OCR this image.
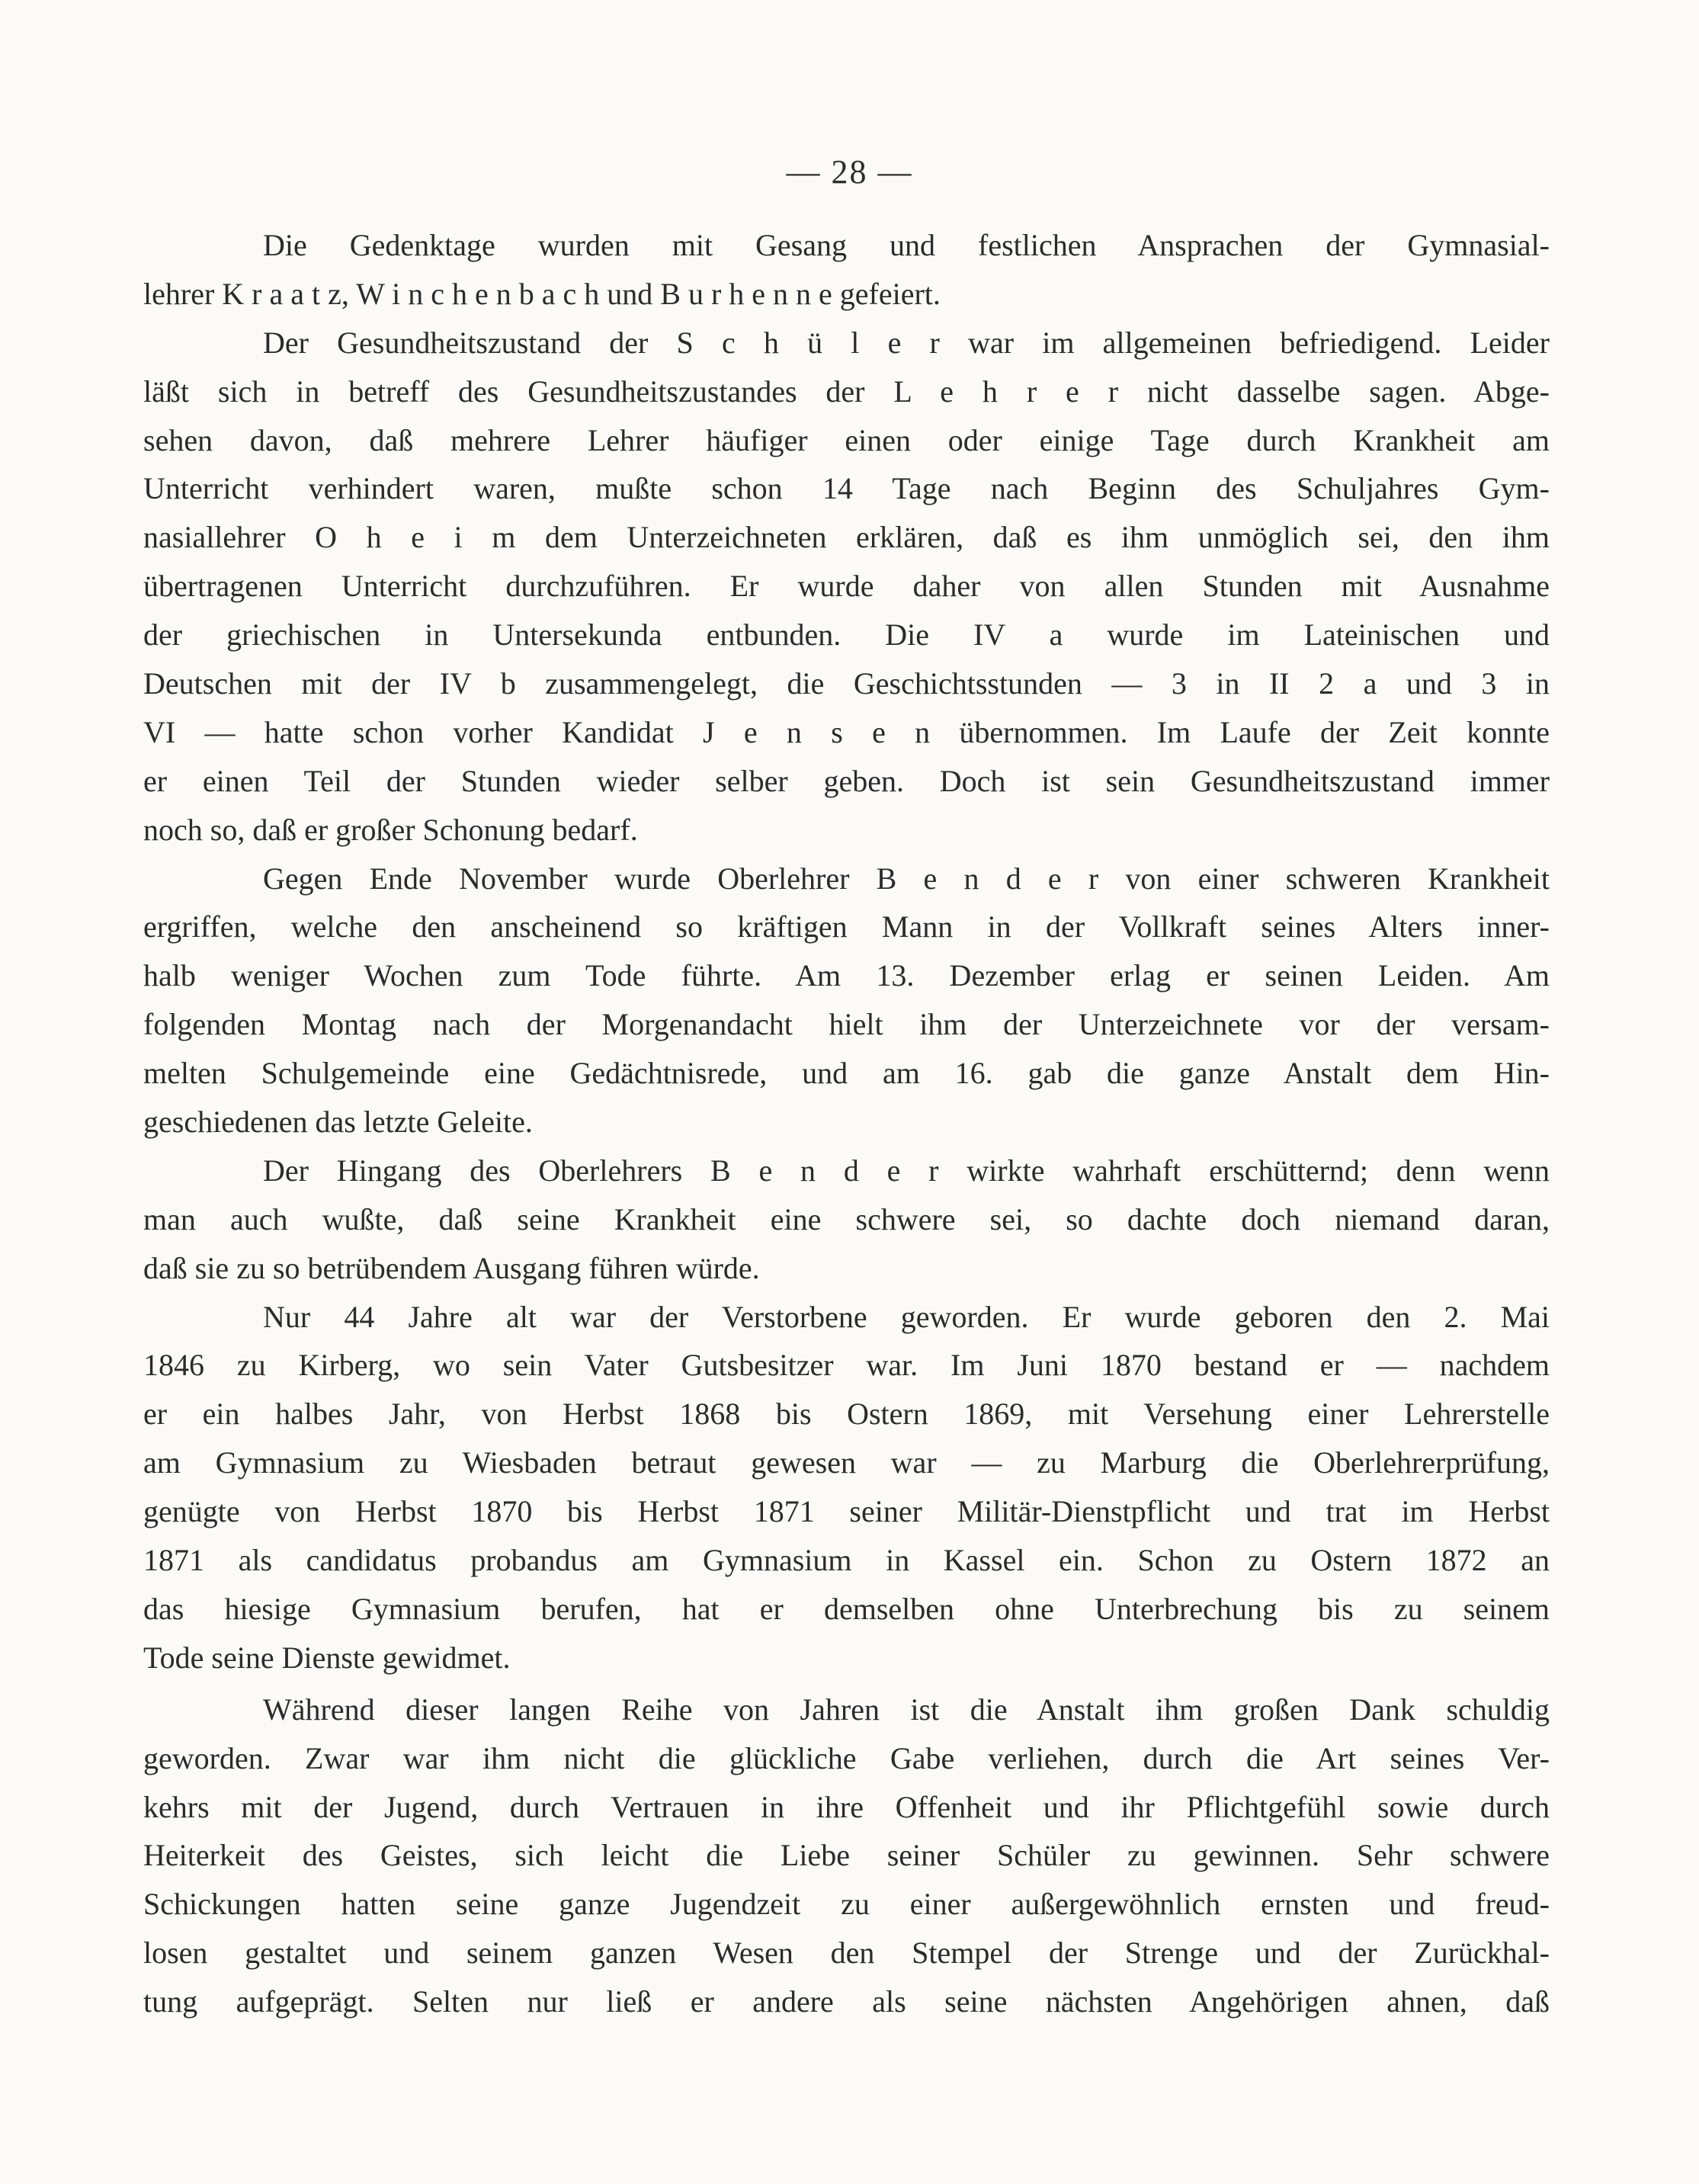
— 28 —
Die Gedenktage wurden mit Gesang und festlichen Ansprachen der Gymnasial-
lehrer K r a a t z, W i n c h e n b a c h und B u r h e n n e gefeiert.
Der Gesundheitszustand der S c h ü l e r war im allgemeinen befriedigend. Leider
läßt sich in betreff des Gesundheitszustandes der L e h r e r nicht dasselbe sagen. Abge-
sehen davon, daß mehrere Lehrer häufiger einen oder einige Tage durch Krankheit am
Unterricht verhindert waren, mußte schon 14 Tage nach Beginn des Schuljahres Gym-
nasiallehrer O h e i m dem Unterzeichneten erklären, daß es ihm unmöglich sei, den ihm
übertragenen Unterricht durchzuführen. Er wurde daher von allen Stunden mit Ausnahme
der griechischen in Untersekunda entbunden. Die IV a wurde im Lateinischen und
Deutschen mit der IV b zusammengelegt, die Geschichtsstunden — 3 in II 2 a und 3 in
VI — hatte schon vorher Kandidat J e n s e n übernommen. Im Laufe der Zeit konnte
er einen Teil der Stunden wieder selber geben. Doch ist sein Gesundheitszustand immer
noch so, daß er großer Schonung bedarf.
Gegen Ende November wurde Oberlehrer B e n d e r von einer schweren Krankheit
ergriffen, welche den anscheinend so kräftigen Mann in der Vollkraft seines Alters inner-
halb weniger Wochen zum Tode führte. Am 13. Dezember erlag er seinen Leiden. Am
folgenden Montag nach der Morgenandacht hielt ihm der Unterzeichnete vor der versam-
melten Schulgemeinde eine Gedächtnisrede, und am 16. gab die ganze Anstalt dem Hin-
geschiedenen das letzte Geleite.
Der Hingang des Oberlehrers B e n d e r wirkte wahrhaft erschütternd; denn wenn
man auch wußte, daß seine Krankheit eine schwere sei, so dachte doch niemand daran,
daß sie zu so betrübendem Ausgang führen würde.
Nur 44 Jahre alt war der Verstorbene geworden. Er wurde geboren den 2. Mai
1846 zu Kirberg, wo sein Vater Gutsbesitzer war. Im Juni 1870 bestand er — nachdem
er ein halbes Jahr, von Herbst 1868 bis Ostern 1869, mit Versehung einer Lehrerstelle
am Gymnasium zu Wiesbaden betraut gewesen war — zu Marburg die Oberlehrerprüfung,
genügte von Herbst 1870 bis Herbst 1871 seiner Militär-Dienstpflicht und trat im Herbst
1871 als candidatus probandus am Gymnasium in Kassel ein. Schon zu Ostern 1872 an
das hiesige Gymnasium berufen, hat er demselben ohne Unterbrechung bis zu seinem
Tode seine Dienste gewidmet.
Während dieser langen Reihe von Jahren ist die Anstalt ihm großen Dank schuldig
geworden. Zwar war ihm nicht die glückliche Gabe verliehen, durch die Art seines Ver-
kehrs mit der Jugend, durch Vertrauen in ihre Offenheit und ihr Pflichtgefühl sowie durch
Heiterkeit des Geistes, sich leicht die Liebe seiner Schüler zu gewinnen. Sehr schwere
Schickungen hatten seine ganze Jugendzeit zu einer außergewöhnlich ernsten und freud-
losen gestaltet und seinem ganzen Wesen den Stempel der Strenge und der Zurückhal-
tung aufgeprägt. Selten nur ließ er andere als seine nächsten Angehörigen ahnen, daß
